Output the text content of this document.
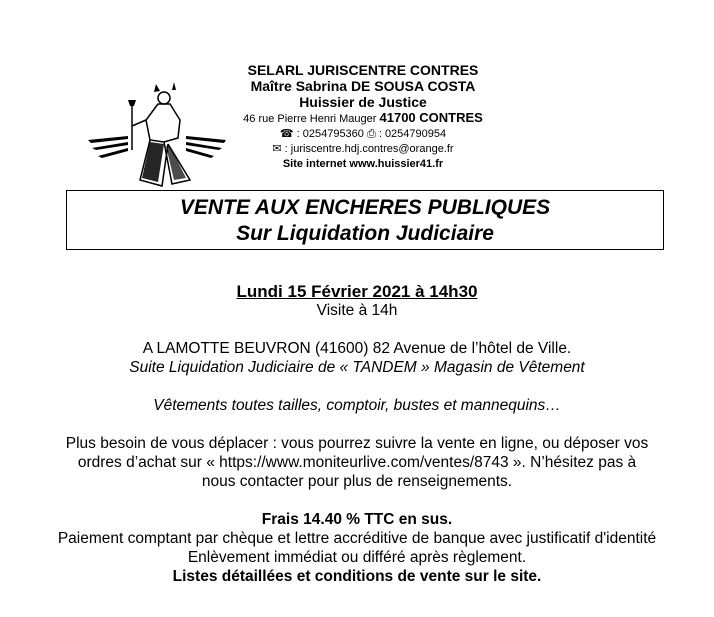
SELARL JURISCENTRE CONTRES
Maître Sabrina DE SOUSA COSTA
Huissier de Justice
46 rue Pierre Henri Mauger 41700 CONTRES
☎ : 0254795360 ⎙ : 0254790954
✉ : juriscentre.hdj.contres@orange.fr
Site internet www.huissier41.fr
VENTE AUX ENCHERES PUBLIQUES
Sur Liquidation Judiciaire
Lundi 15 Février 2021 à 14h30
Visite à 14h
A LAMOTTE BEUVRON (41600) 82 Avenue de l’hôtel de Ville.
Suite Liquidation Judiciaire de « TANDEM » Magasin de Vêtement
Vêtements toutes tailles, comptoir, bustes et mannequins…
Plus besoin de vous déplacer : vous pourrez suivre la vente en ligne, ou déposer vos
ordres d’achat sur « https://www.moniteurlive.com/ventes/8743 ». N’hésitez pas à
nous contacter pour plus de renseignements.
Frais 14.40 % TTC en sus.
Paiement comptant par chèque et lettre accréditive de banque avec justificatif d'identité
Enlèvement immédiat ou différé après règlement.
Listes détaillées et conditions de vente sur le site.
